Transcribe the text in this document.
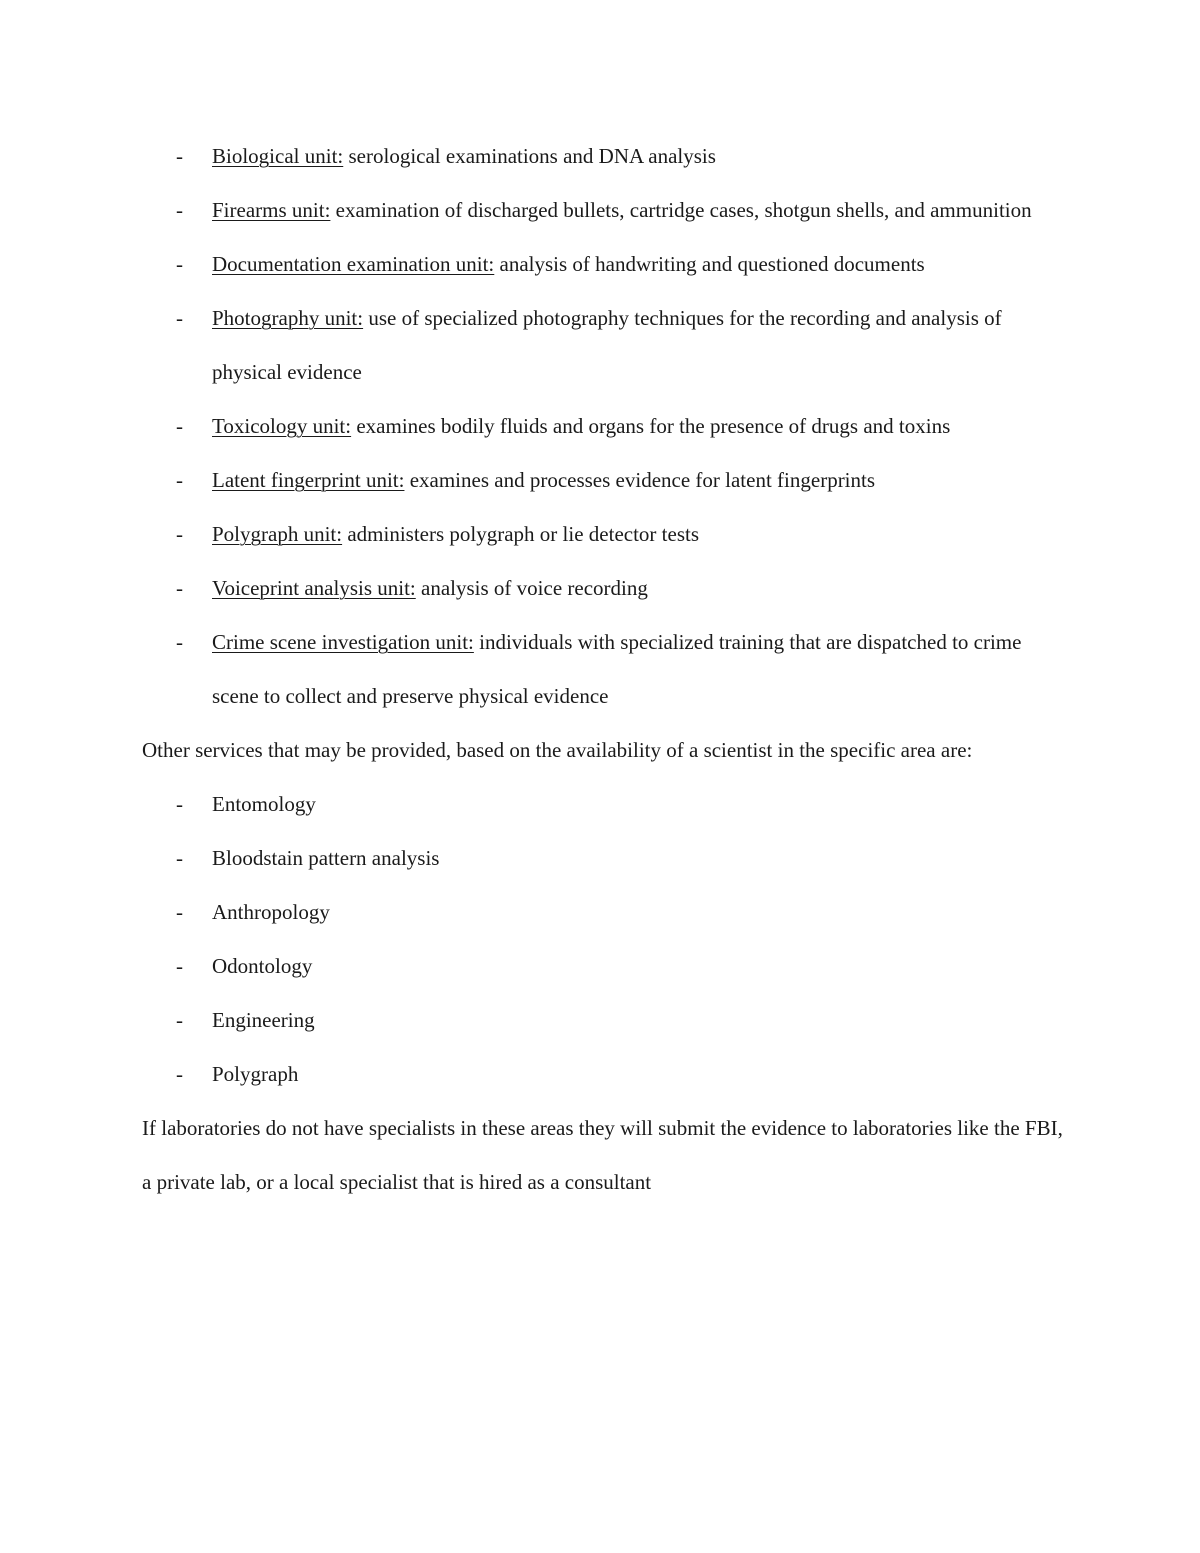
- Biological unit: serological examinations and DNA analysis
- Firearms unit: examination of discharged bullets, cartridge cases, shotgun shells, and ammunition
- Documentation examination unit: analysis of handwriting and questioned documents
- Photography unit: use of specialized photography techniques for the recording and analysis of physical evidence
- Toxicology unit: examines bodily fluids and organs for the presence of drugs and toxins
- Latent fingerprint unit: examines and processes evidence for latent fingerprints
- Polygraph unit: administers polygraph or lie detector tests
- Voiceprint analysis unit: analysis of voice recording
- Crime scene investigation unit: individuals with specialized training that are dispatched to crime scene to collect and preserve physical evidence

Other services that may be provided, based on the availability of a scientist in the specific area are:

- Entomology
- Bloodstain pattern analysis
- Anthropology
- Odontology
- Engineering
- Polygraph

If laboratories do not have specialists in these areas they will submit the evidence to laboratories like the FBI, a private lab, or a local specialist that is hired as a consultant
